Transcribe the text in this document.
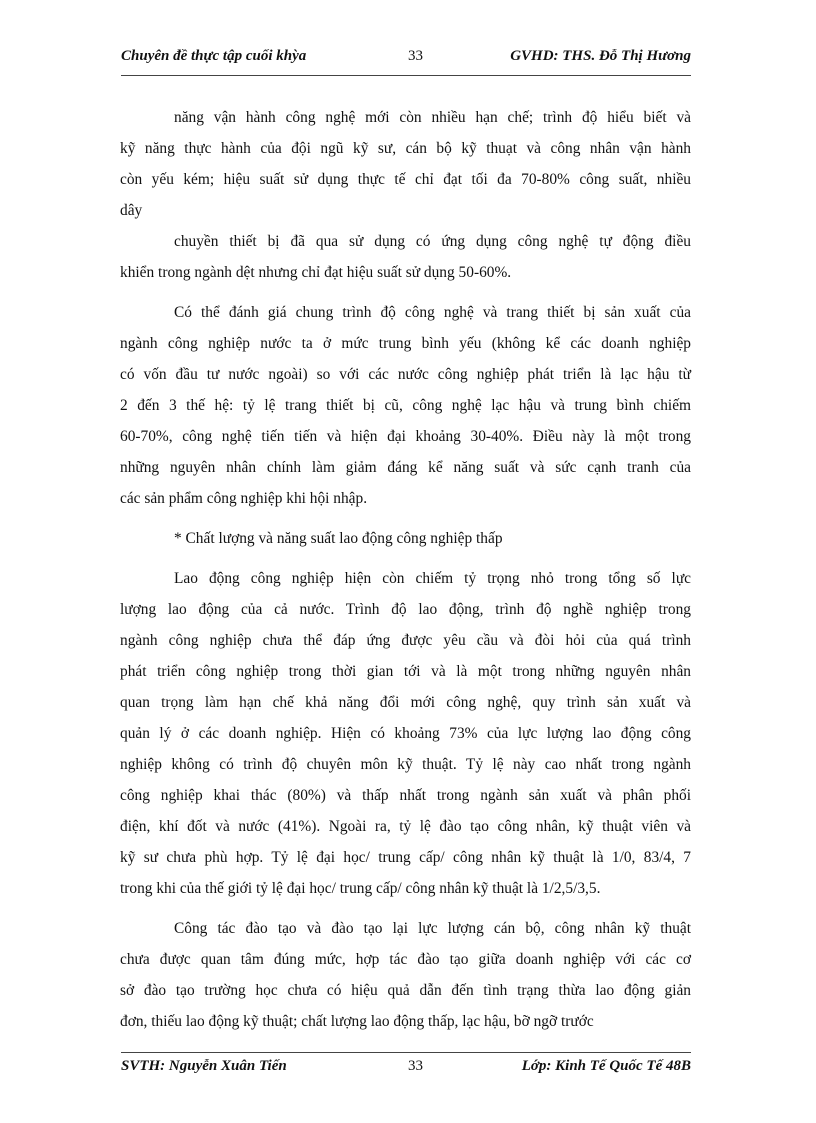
Chuyên đề thực tập cuối khỳa	33	GVHD: THS. Đỗ Thị Hương
năng vận hành công nghệ mới còn nhiều hạn chế; trình độ hiểu biết và
kỹ năng thực hành của đội ngũ kỹ sư, cán bộ kỹ thuạt và công nhân vận hành
còn yếu kém; hiệu suất sử dụng thực tế chỉ đạt tối đa 70-80% công suất, nhiều
dây
chuyền thiết bị đã qua sử dụng có ứng dụng công nghệ tự động điều
khiển trong ngành dệt nhưng chỉ đạt hiệu suất sử dụng 50-60%.
Có thể đánh giá chung trình độ công nghệ và trang thiết bị sản xuất của
ngành công nghiệp nước ta ở mức trung bình yếu (không kể các doanh nghiệp
có vốn đầu tư nước ngoài) so với các nước công nghiệp phát triển là lạc hậu từ
2 đến 3 thế hệ: tỷ lệ trang thiết bị cũ, công nghệ lạc hậu và trung bình chiếm
60-70%, công nghệ tiến tiến và hiện đại khoảng 30-40%. Điều này là một trong
những nguyên nhân chính làm giảm đáng kể năng suất và sức cạnh tranh của
các sản phẩm công nghiệp khi hội nhập.
* Chất lượng và năng suất lao động công nghiệp thấp
Lao động công nghiệp hiện còn chiếm tỷ trọng nhỏ trong tổng số lực
lượng lao động của cả nước. Trình độ lao động, trình độ nghề nghiệp trong
ngành công nghiệp chưa thể đáp ứng được yêu cầu và đòi hỏi của quá trình
phát triển công nghiệp trong thời gian tới và là một trong những nguyên nhân
quan trọng làm hạn chế khả năng đổi mới công nghệ, quy trình sản xuất và
quản lý ở các doanh nghiệp. Hiện có khoảng 73% của lực lượng lao động công
nghiệp không có trình độ chuyên môn kỹ thuật. Tỷ lệ này cao nhất trong ngành
công nghiệp khai thác (80%) và thấp nhất trong ngành sản xuất và phân phối
điện, khí đốt và nước (41%). Ngoài ra, tỷ lệ đào tạo công nhân, kỹ thuật viên và
kỹ sư chưa phù hợp. Tỷ lệ đại học/ trung cấp/ công nhân kỹ thuật là 1/0, 83/4, 7
trong khi của thế giới tỷ lệ đại học/ trung cấp/ công nhân kỹ thuật là 1/2,5/3,5.
Công tác đào tạo và đào tạo lại lực lượng cán bộ, công nhân kỹ thuật
chưa được quan tâm đúng mức, hợp tác đào tạo giữa doanh nghiệp với các cơ
sở đào tạo trường học chưa có hiệu quả dẫn đến tình trạng thừa lao động giản
đơn, thiếu lao động kỹ thuật; chất lượng lao động thấp, lạc hậu, bỡ ngỡ trước
SVTH: Nguyễn Xuân Tiến	33	Lớp: Kinh Tế Quốc Tế 48B
